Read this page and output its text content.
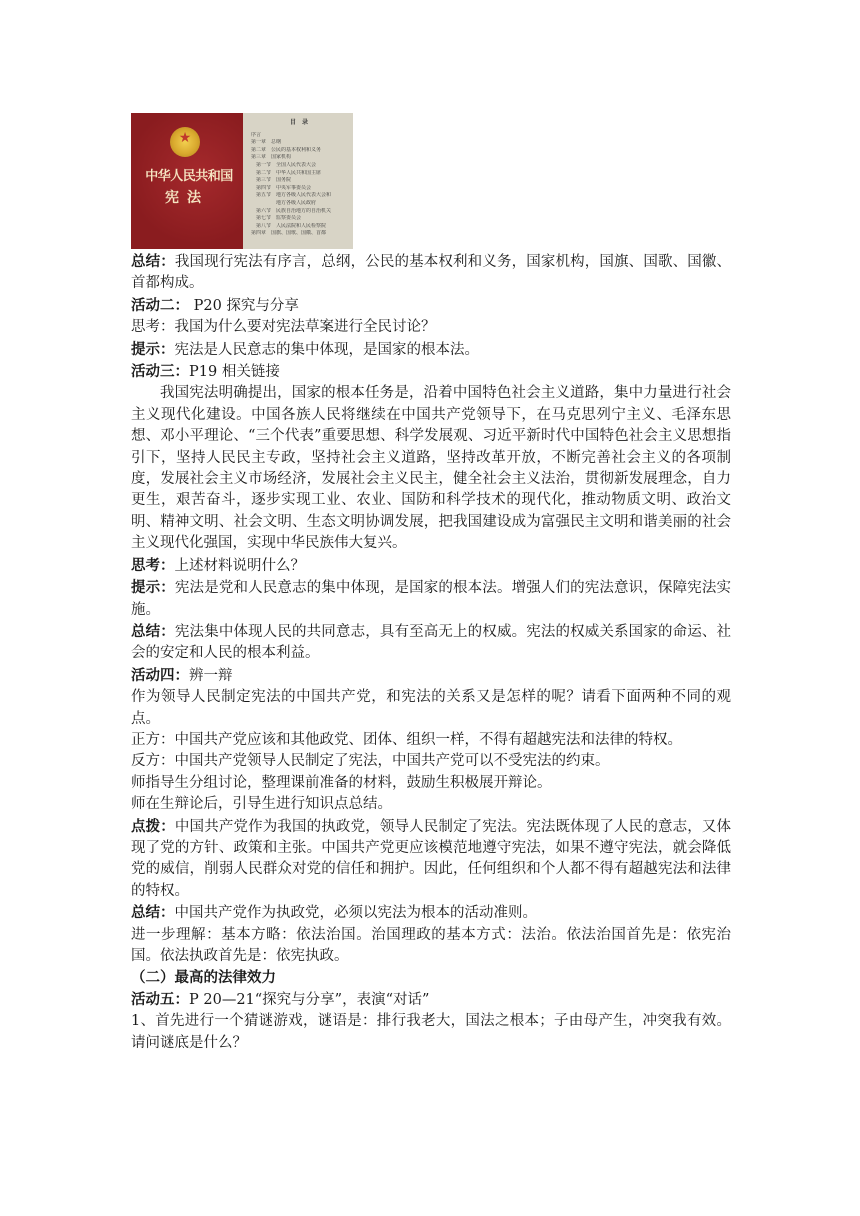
★
中华人民共和国
宪法
目 录
序言
第一章　总纲
第二章　公民的基本权利和义务
第三章　国家机构
第一节　全国人民代表大会
第二节　中华人民共和国主席
第三节　国务院
第四节　中央军事委员会
第五节　地方各级人民代表大会和
　　　　地方各级人民政府
第六节　民族自治地方的自治机关
第七节　监察委员会
第八节　人民法院和人民检察院
第四章　国旗、国歌、国徽、首都

总结：我国现行宪法有序言，总纲，公民的基本权利和义务，国家机构，国旗、国歌、国徽、首都构成。

活动二： P20 探究与分享

思考：我国为什么要对宪法草案进行全民讨论？

提示：宪法是人民意志的集中体现，是国家的根本法。

活动三：P19 相关链接

我国宪法明确提出，国家的根本任务是，沿着中国特色社会主义道路，集中力量进行社会主义现代化建设。中国各族人民将继续在中国共产党领导下，在马克思列宁主义、毛泽东思想、邓小平理论、“三个代表”重要思想、科学发展观、习近平新时代中国特色社会主义思想指引下，坚持人民民主专政，坚持社会主义道路，坚持改革开放，不断完善社会主义的各项制度，发展社会主义市场经济，发展社会主义民主，健全社会主义法治，贯彻新发展理念，自力更生，艰苦奋斗，逐步实现工业、农业、国防和科学技术的现代化，推动物质文明、政治文明、精神文明、社会文明、生态文明协调发展，把我国建设成为富强民主文明和谐美丽的社会主义现代化强国，实现中华民族伟大复兴。

思考：上述材料说明什么？

提示：宪法是党和人民意志的集中体现，是国家的根本法。增强人们的宪法意识，保障宪法实施。

总结：宪法集中体现人民的共同意志，具有至高无上的权威。宪法的权威关系国家的命运、社会的安定和人民的根本利益。

活动四：辨一辩

作为领导人民制定宪法的中国共产党，和宪法的关系又是怎样的呢？请看下面两种不同的观点。

正方：中国共产党应该和其他政党、团体、组织一样，不得有超越宪法和法律的特权。

反方：中国共产党领导人民制定了宪法，中国共产党可以不受宪法的约束。

师指导生分组讨论，整理课前准备的材料，鼓励生积极展开辩论。

师在生辩论后，引导生进行知识点总结。

点拨：中国共产党作为我国的执政党，领导人民制定了宪法。宪法既体现了人民的意志，又体现了党的方针、政策和主张。中国共产党更应该模范地遵守宪法，如果不遵守宪法，就会降低党的威信，削弱人民群众对党的信任和拥护。因此，任何组织和个人都不得有超越宪法和法律的特权。

总结：中国共产党作为执政党，必须以宪法为根本的活动准则。

进一步理解：基本方略：依法治国。治国理政的基本方式：法治。依法治国首先是：依宪治国。依法执政首先是：依宪执政。

（二）最高的法律效力

活动五：P 20—21“探究与分享”，表演“对话”

1、首先进行一个猜谜游戏，谜语是：排行我老大，国法之根本；子由母产生，冲突我有效。请问谜底是什么？
